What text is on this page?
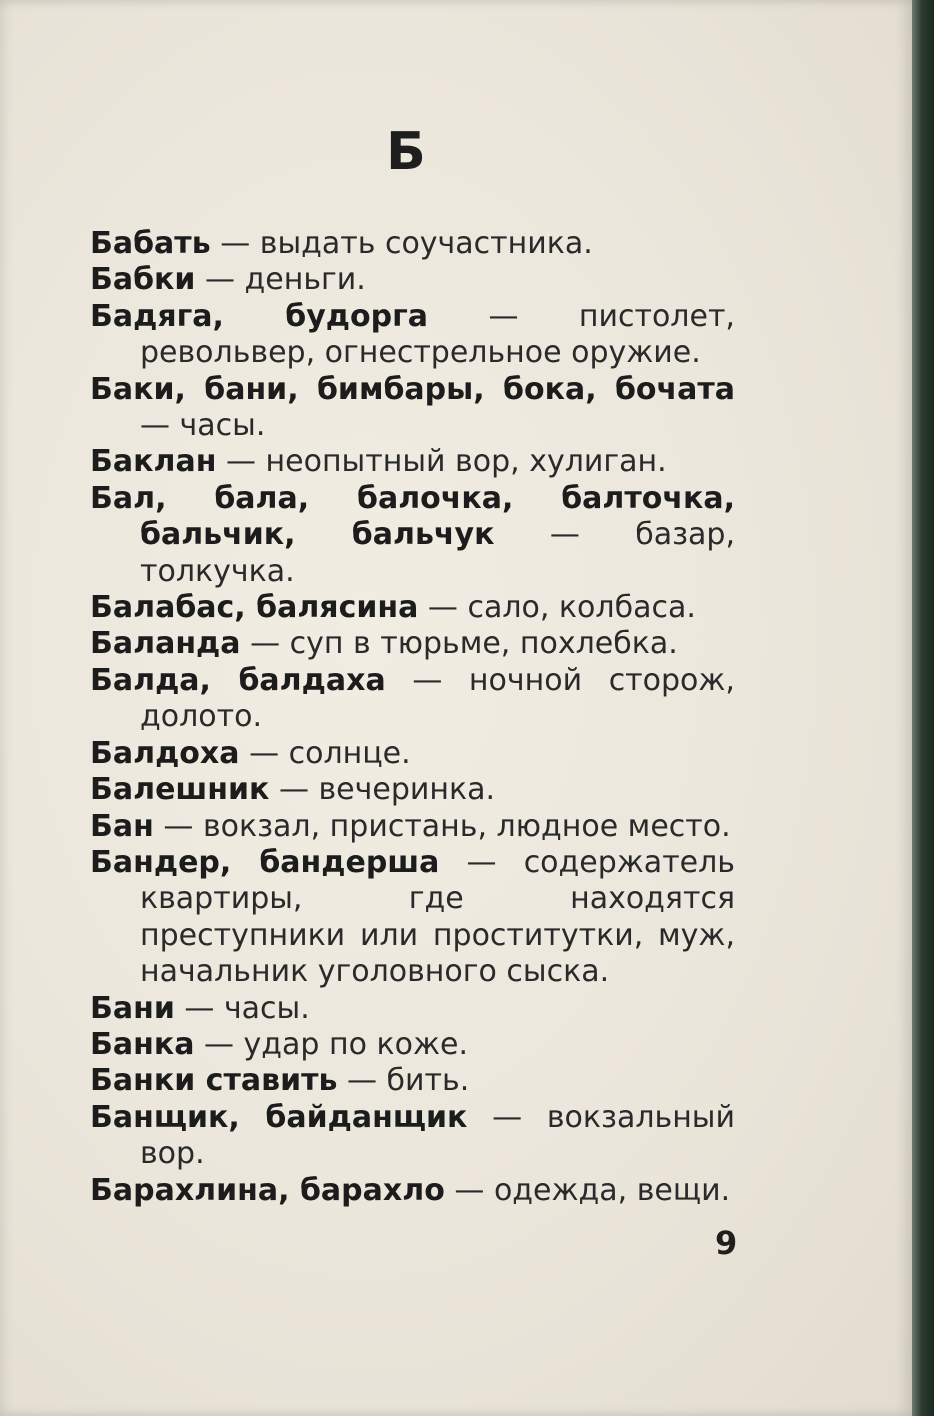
Б

Бабать — выдать соучастника.

Бабки — деньги.

Бадяга, будорга — пистолет, револьвер, огнестрельное оружие.

Баки, бани, бимбары, бока, бочата — часы.

Баклан — неопытный вор, хулиган.

Бал, бала, балочка, балточка, бальчик, бальчук — базар, толкучка.

Балабас, балясина — сало, колбаса.

Баланда — суп в тюрьме, похлебка.

Балда, балдаха — ночной сторож, долото.

Балдоха — солнце.

Балешник — вечеринка.

Бан — вокзал, пристань, людное место.

Бандер, бандерша — содержатель квартиры, где находятся преступники или проститутки, муж, начальник уголовного сыска.

Бани — часы.

Банка — удар по коже.

Банки ставить — бить.

Банщик, байданщик — вокзальный вор.

Барахлина, барахло — одежда, вещи.

9
